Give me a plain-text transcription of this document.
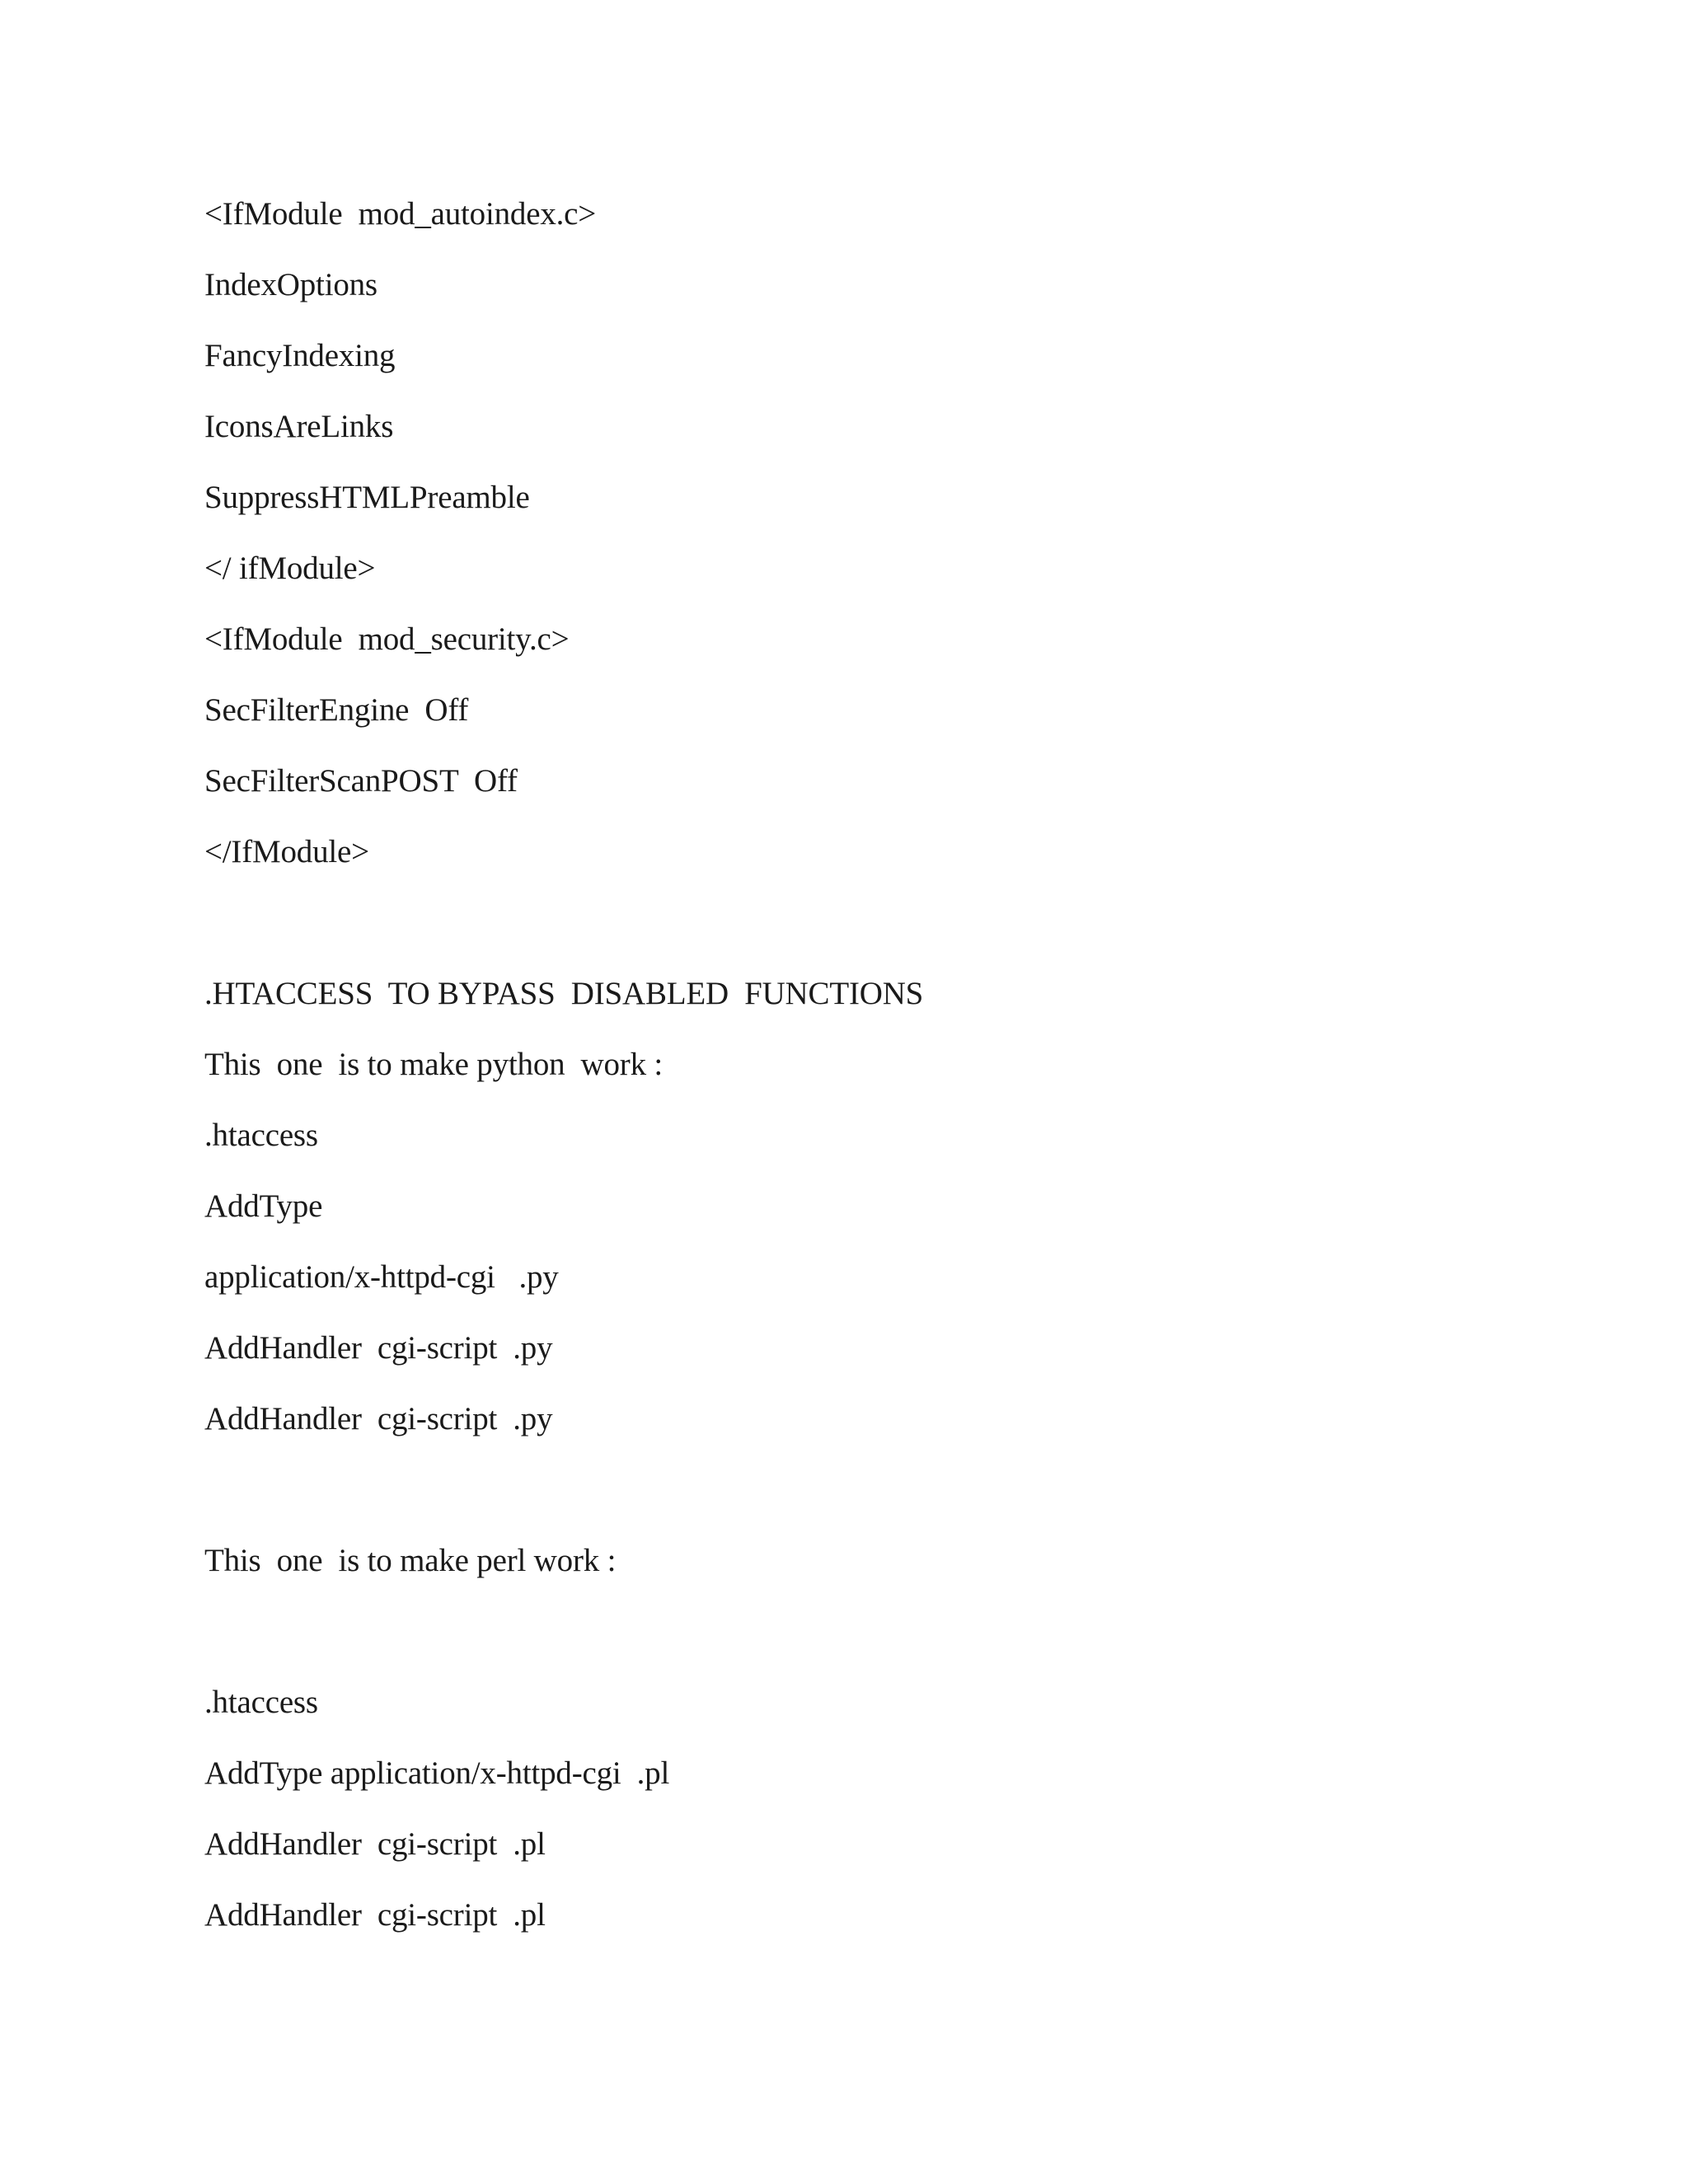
<IfModule  mod_autoindex.c>

IndexOptions

FancyIndexing

IconsAreLinks

SuppressHTMLPreamble

</ ifModule>

<IfModule  mod_security.c>

SecFilterEngine  Off

SecFilterScanPOST  Off

</IfModule>

.HTACCESS  TO BYPASS  DISABLED  FUNCTIONS

This  one  is to make python  work :

.htaccess

AddType

application/x-httpd-cgi   .py

AddHandler  cgi-script  .py

AddHandler  cgi-script  .py

This  one  is to make perl work :

.htaccess

AddType application/x-httpd-cgi  .pl

AddHandler  cgi-script  .pl

AddHandler  cgi-script  .pl
